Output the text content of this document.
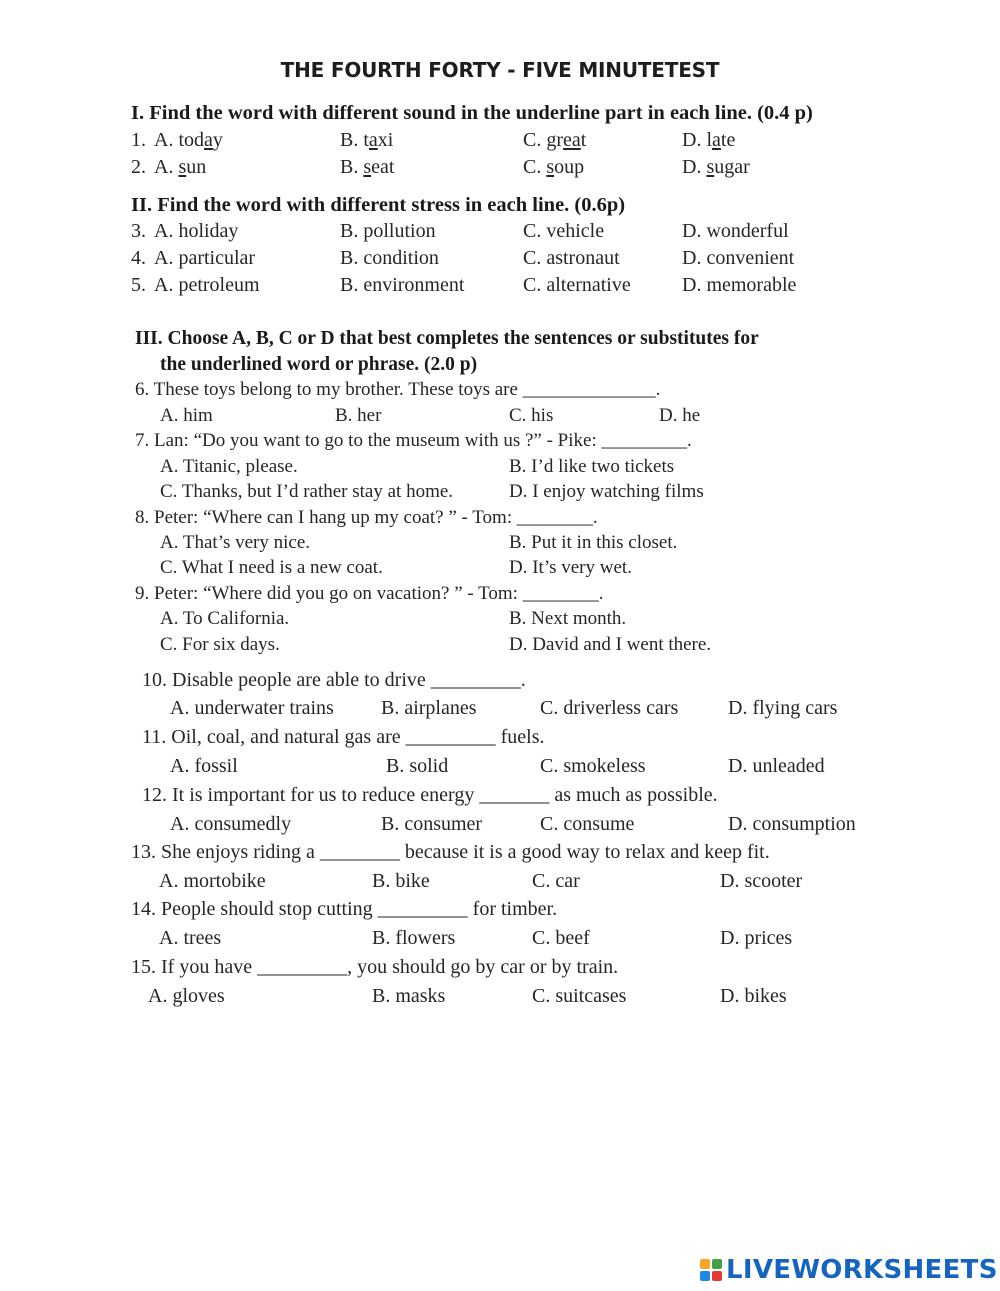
THE FOURTH FORTY - FIVE MINUTETEST
I. Find the word with different sound in the underline part in each line. (0.4 p)
1. A. today	B. taxi	C. great	D. late
2. A. sun	B. seat	C. soup	D. sugar
II. Find the word with different stress in each line. (0.6p)
3. A. holiday	B. pollution	C. vehicle	D. wonderful
4. A. particular	B. condition	C. astronaut	D. convenient
5. A. petroleum	B. environment	C. alternative	D. memorable
III. Choose A, B, C or D that best completes the sentences or substitutes for
the underlined word or phrase. (2.0 p)
6. These toys belong to my brother. These toys are ______________.
A. him	B. her	C. his	D. he
7. Lan: “Do you want to go to the museum with us ?” - Pike: _________.
A. Titanic, please.	B. I’d like two tickets
C. Thanks, but I’d rather stay at home.	D. I enjoy watching films
8. Peter: “Where can I hang up my coat? ” - Tom: ________.
A. That’s very nice.	B. Put it in this closet.
C. What I need is a new coat.	D. It’s very wet.
9. Peter: “Where did you go on vacation? ” - Tom: ________.
A. To California.	B. Next month.
C. For six days.	D. David and I went there.
10. Disable people are able to drive _________.
A. underwater trains B. airplanes	C. driverless cars D. flying cars
11. Oil, coal, and natural gas are _________ fuels.
A. fossil	B. solid	C. smokeless	D. unleaded
12. It is important for us to reduce energy _______ as much as possible.
A. consumedly	B. consumer	C. consume	D. consumption
13. She enjoys riding a ________ because it is a good way to relax and keep fit.
A. mortobike	B. bike	C. car	D. scooter
14. People should stop cutting _________ for timber.
A. trees	B. flowers	C. beef	D. prices
15. If you have _________, you should go by car or by train.
A. gloves	B. masks	C. suitcases	D. bikes
LIVEWORKSHEETS
